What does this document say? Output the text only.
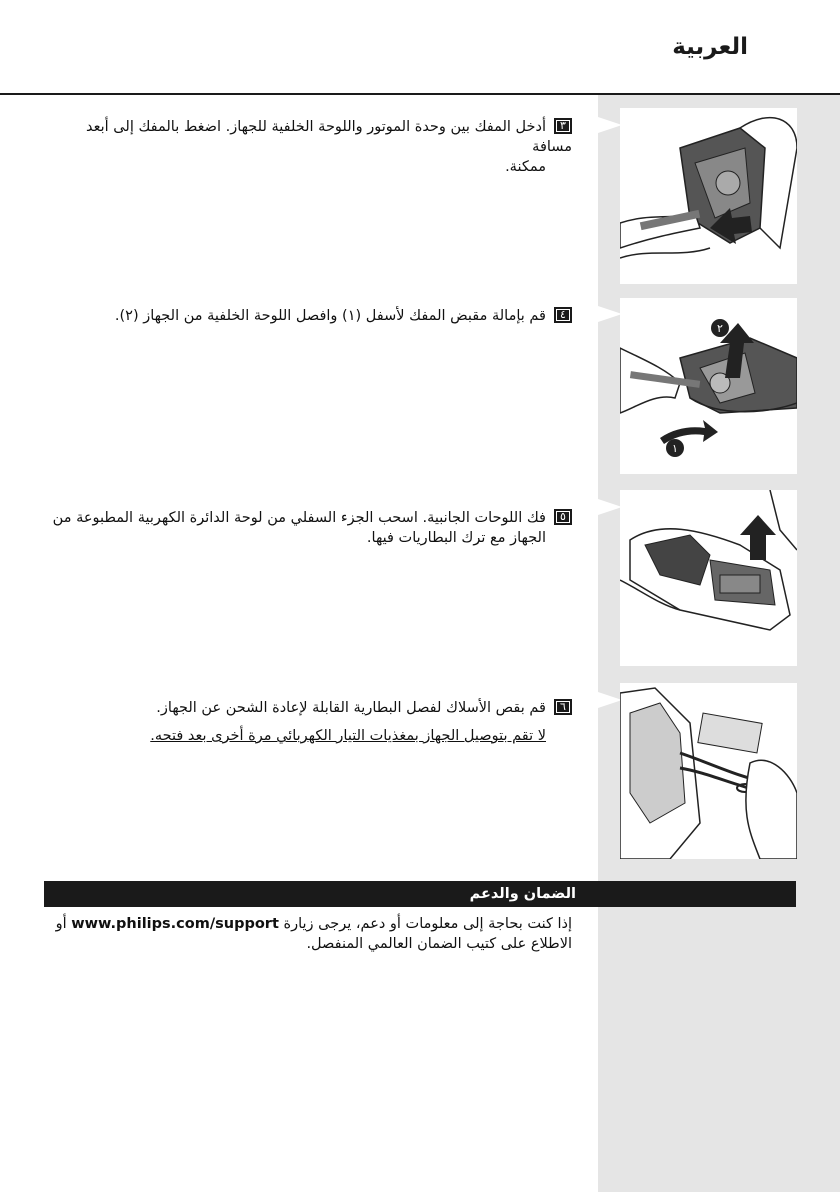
العربية
٢
١
٣أدخل المفك بين وحدة الموتور واللوحة الخلفية للجهاز. اضغط بالمفك إلى أبعد مسافة
ممكنة.
٤قم بإمالة مقبض المفك لأسفل (١) وافصل اللوحة الخلفية من الجهاز (٢).
٥فك اللوحات الجانبية. اسحب الجزء السفلي من لوحة الدائرة الكهربية المطبوعة من
الجهاز مع ترك البطاريات فيها.
٦قم بقص الأسلاك لفصل البطارية القابلة لإعادة الشحن عن الجهاز.
لا تقم بتوصيل الجهاز بمغذيات التيار الكهربائي مرة أخرى بعد فتحه.
الضمان والدعم
إذا كنت بحاجة إلى معلومات أو دعم، يرجى زيارة www.philips.com/support أو
الاطلاع على كتيب الضمان العالمي المنفصل.
